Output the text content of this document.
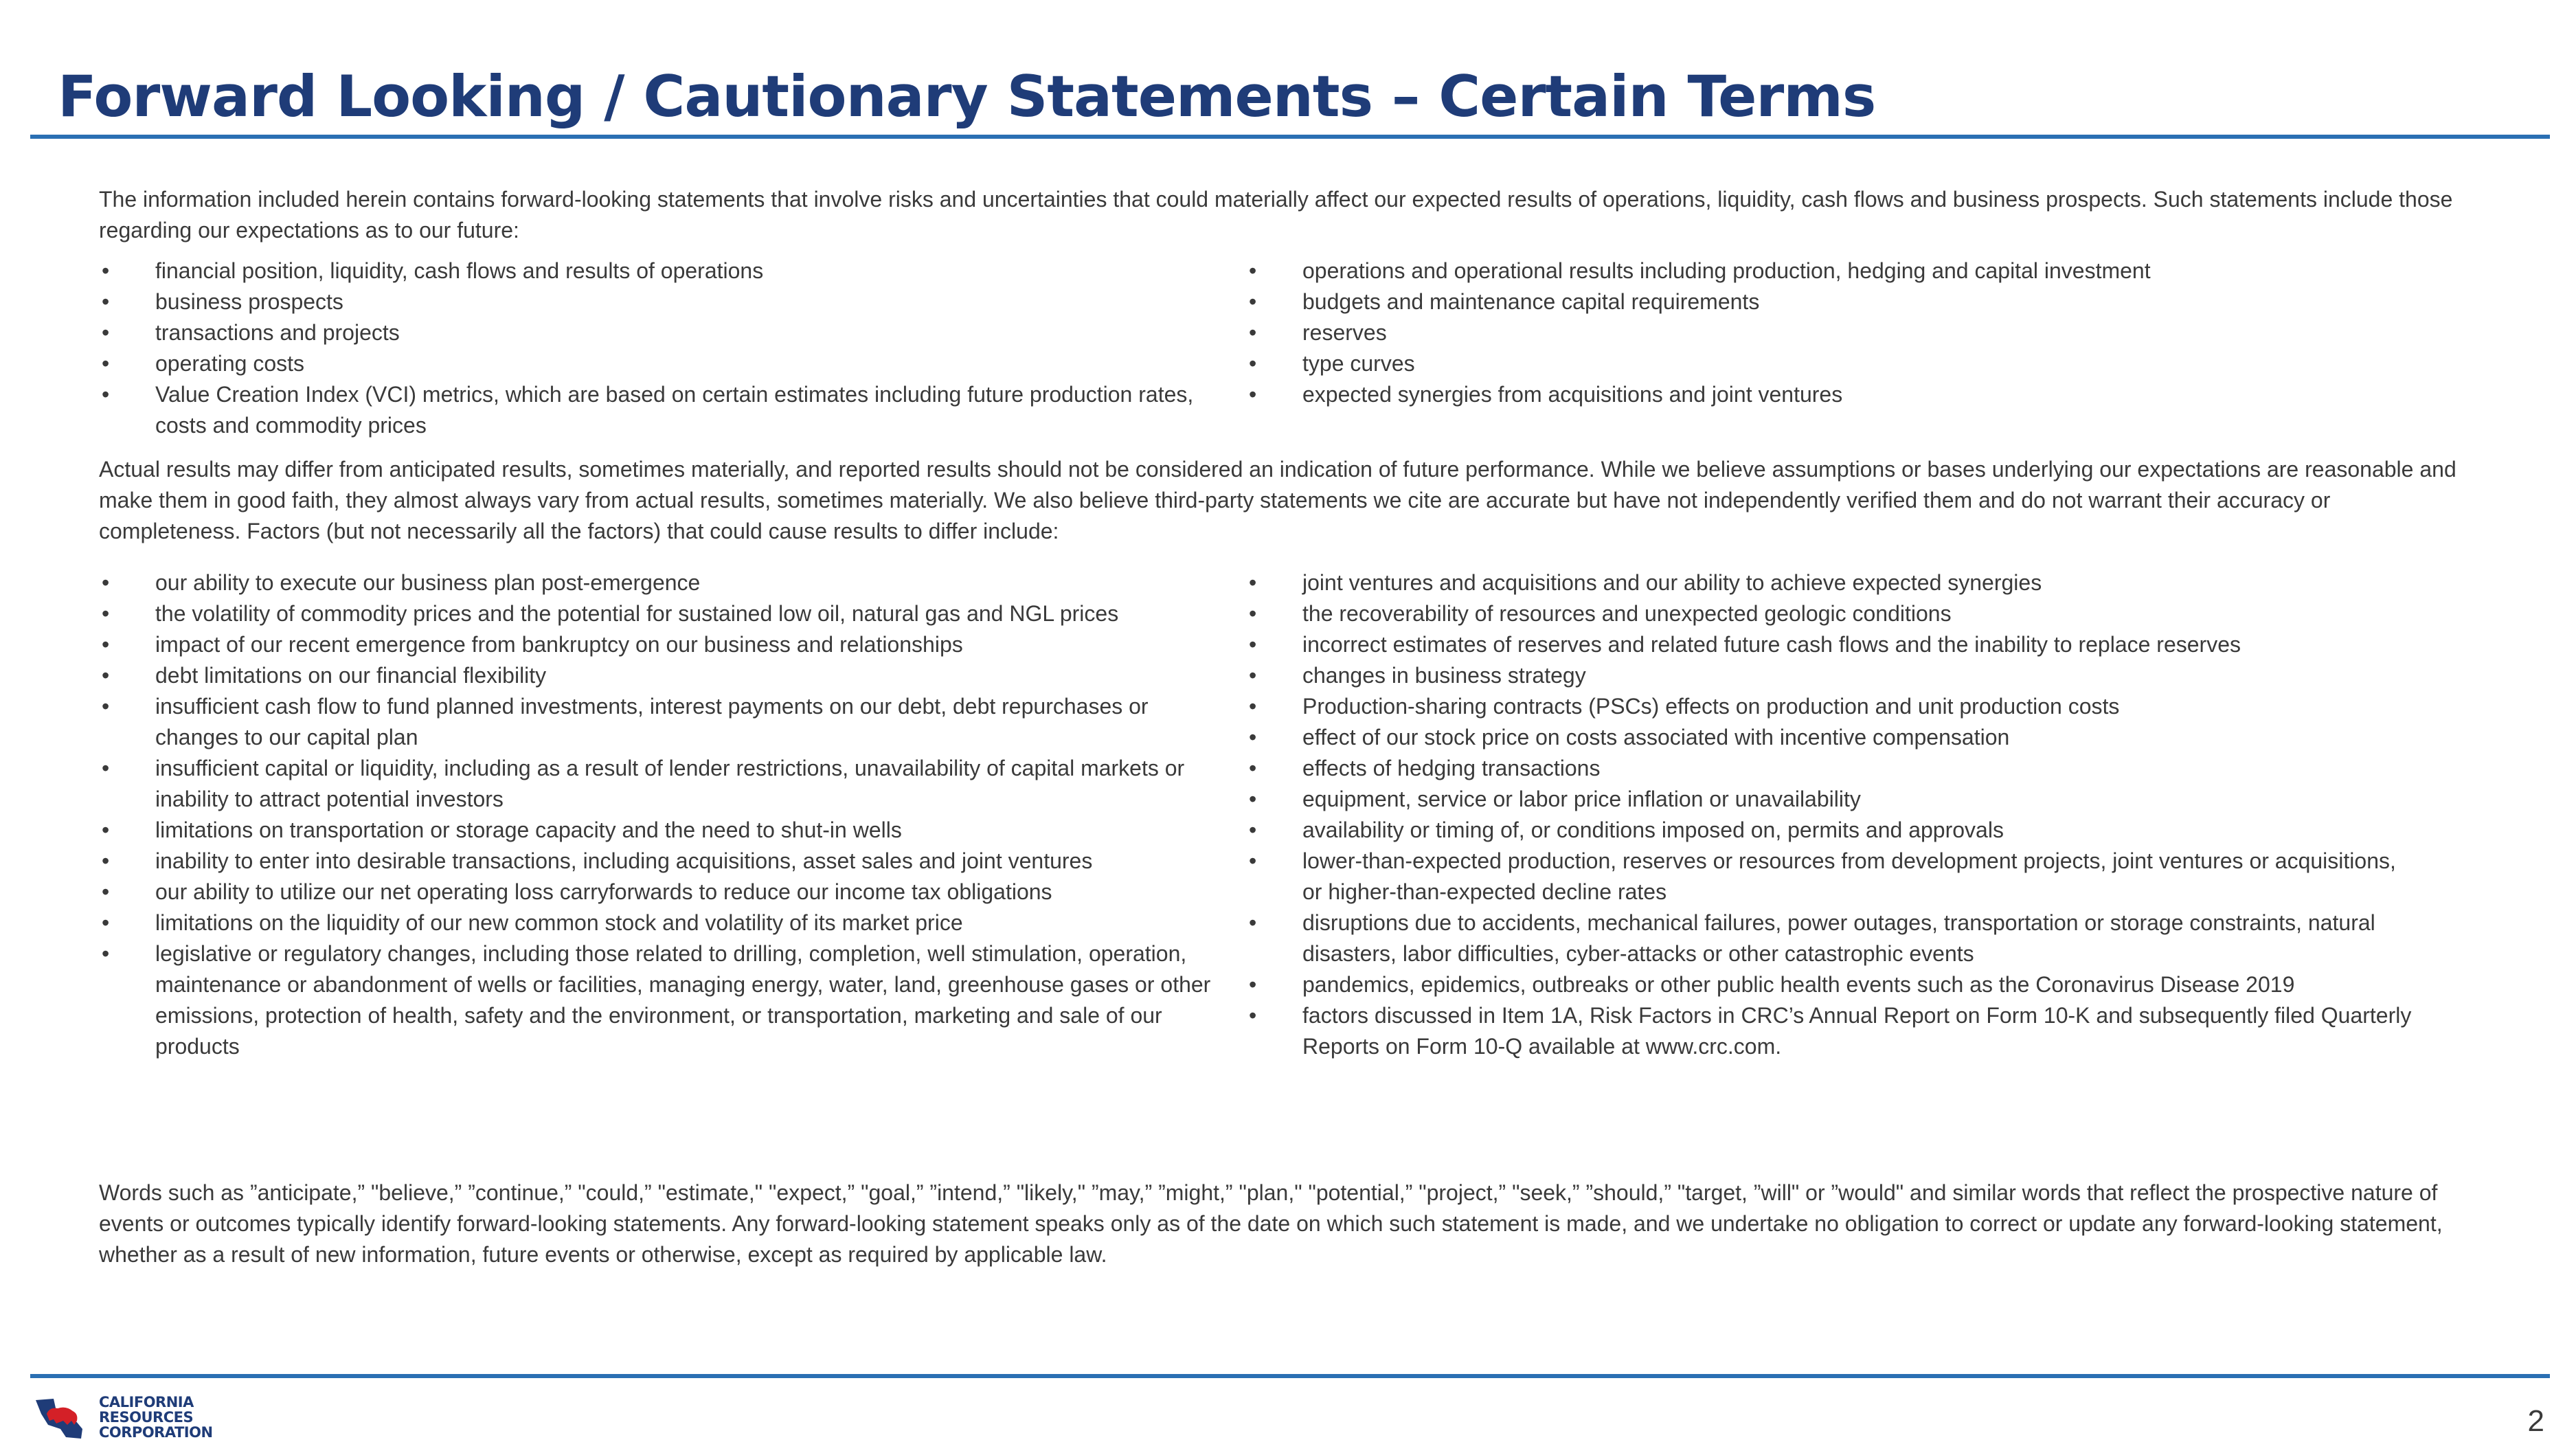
Forward Looking / Cautionary Statements – Certain Terms

The information included herein contains forward-looking statements that involve risks and uncertainties that could materially affect our expected results of operations, liquidity, cash flows and business prospects. Such statements include those regarding our expectations as to our future:

• financial position, liquidity, cash flows and results of operations
• business prospects
• transactions and projects
• operating costs
• Value Creation Index (VCI) metrics, which are based on certain estimates including future production rates, costs and commodity prices
• operations and operational results including production, hedging and capital investment
• budgets and maintenance capital requirements
• reserves
• type curves
• expected synergies from acquisitions and joint ventures

Actual results may differ from anticipated results, sometimes materially, and reported results should not be considered an indication of future performance. While we believe assumptions or bases underlying our expectations are reasonable and make them in good faith, they almost always vary from actual results, sometimes materially. We also believe third-party statements we cite are accurate but have not independently verified them and do not warrant their accuracy or completeness. Factors (but not necessarily all the factors) that could cause results to differ include:

• our ability to execute our business plan post-emergence
• the volatility of commodity prices and the potential for sustained low oil, natural gas and NGL prices
• impact of our recent emergence from bankruptcy on our business and relationships
• debt limitations on our financial flexibility
• insufficient cash flow to fund planned investments, interest payments on our debt, debt repurchases or changes to our capital plan
• insufficient capital or liquidity, including as a result of lender restrictions, unavailability of capital markets or inability to attract potential investors
• limitations on transportation or storage capacity and the need to shut-in wells
• inability to enter into desirable transactions, including acquisitions, asset sales and joint ventures
• our ability to utilize our net operating loss carryforwards to reduce our income tax obligations
• limitations on the liquidity of our new common stock and volatility of its market price
• legislative or regulatory changes, including those related to drilling, completion, well stimulation, operation, maintenance or abandonment of wells or facilities, managing energy, water, land, greenhouse gases or other emissions, protection of health, safety and the environment, or transportation, marketing and sale of our products
• joint ventures and acquisitions and our ability to achieve expected synergies
• the recoverability of resources and unexpected geologic conditions
• incorrect estimates of reserves and related future cash flows and the inability to replace reserves
• changes in business strategy
• Production-sharing contracts (PSCs) effects on production and unit production costs
• effect of our stock price on costs associated with incentive compensation
• effects of hedging transactions
• equipment, service or labor price inflation or unavailability
• availability or timing of, or conditions imposed on, permits and approvals
• lower-than-expected production, reserves or resources from development projects, joint ventures or acquisitions, or higher-than-expected decline rates
• disruptions due to accidents, mechanical failures, power outages, transportation or storage constraints, natural disasters, labor difficulties, cyber-attacks or other catastrophic events
• pandemics, epidemics, outbreaks or other public health events such as the Coronavirus Disease 2019
• factors discussed in Item 1A, Risk Factors in CRC’s Annual Report on Form 10-K and subsequently filed Quarterly Reports on Form 10-Q available at www.crc.com.

Words such as ”anticipate,” "believe,” ”continue,” "could,” "estimate," "expect,” "goal,” ”intend,” "likely," ”may,” ”might,” "plan," "potential,” "project,” "seek,” ”should,” "target, ”will" or ”would" and similar words that reflect the prospective nature of events or outcomes typically identify forward-looking statements. Any forward-looking statement speaks only as of the date on which such statement is made, and we undertake no obligation to correct or update any forward-looking statement, whether as a result of new information, future events or otherwise, except as required by applicable law.

CALIFORNIA
RESOURCES
CORPORATION	2
